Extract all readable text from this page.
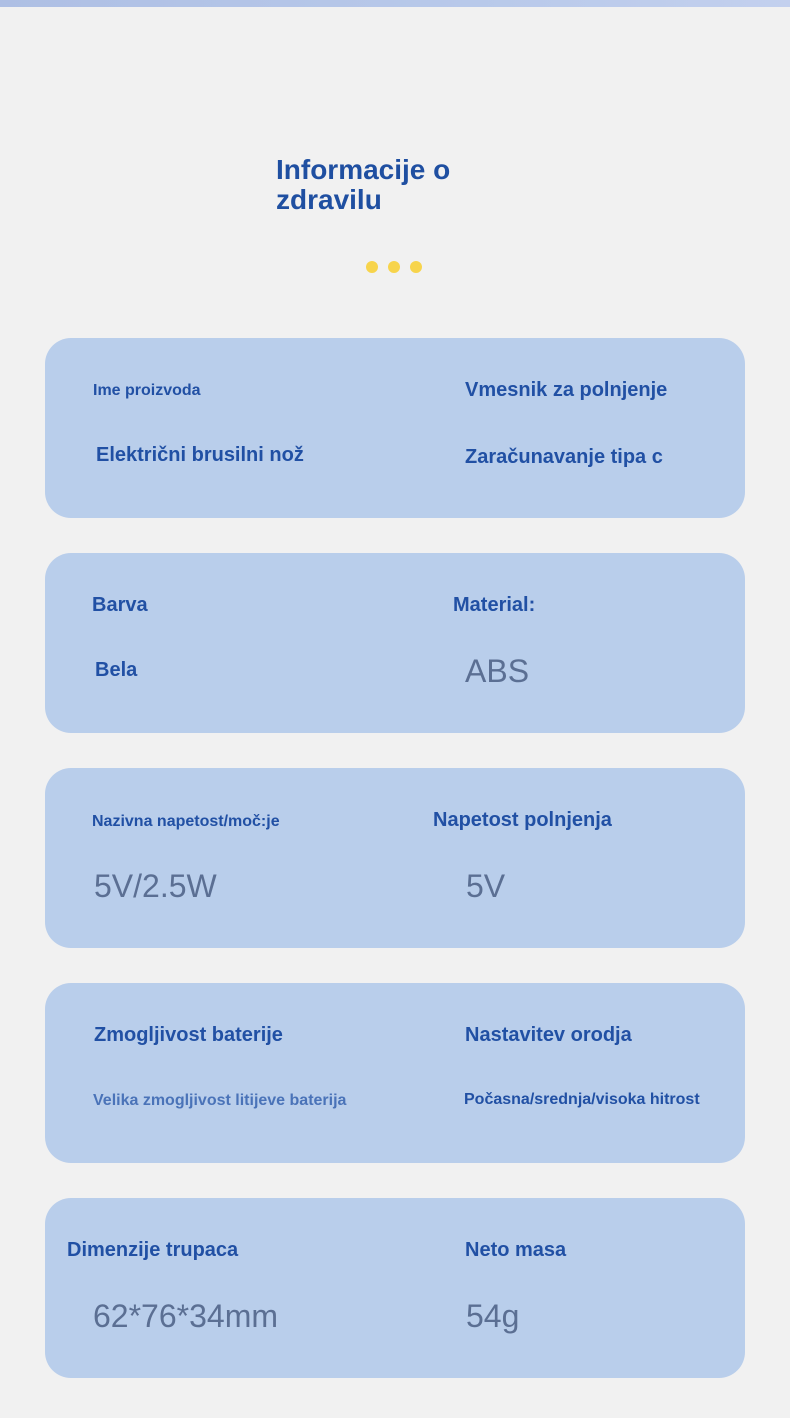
Informacije o zdravilu
Ime proizvoda
Električni brusilni nož
Vmesnik za polnjenje
Zaračunavanje tipa c
Barva
Bela
Material:
ABS
Nazivna napetost/moč:je
5V/2.5W
Napetost polnjenja
5V
Zmogljivost baterije
Velika zmogljivost litijeve baterija
Nastavitev orodja
Počasna/srednja/visoka hitrost
Dimenzije trupaca
62*76*34mm
Neto masa
54g
